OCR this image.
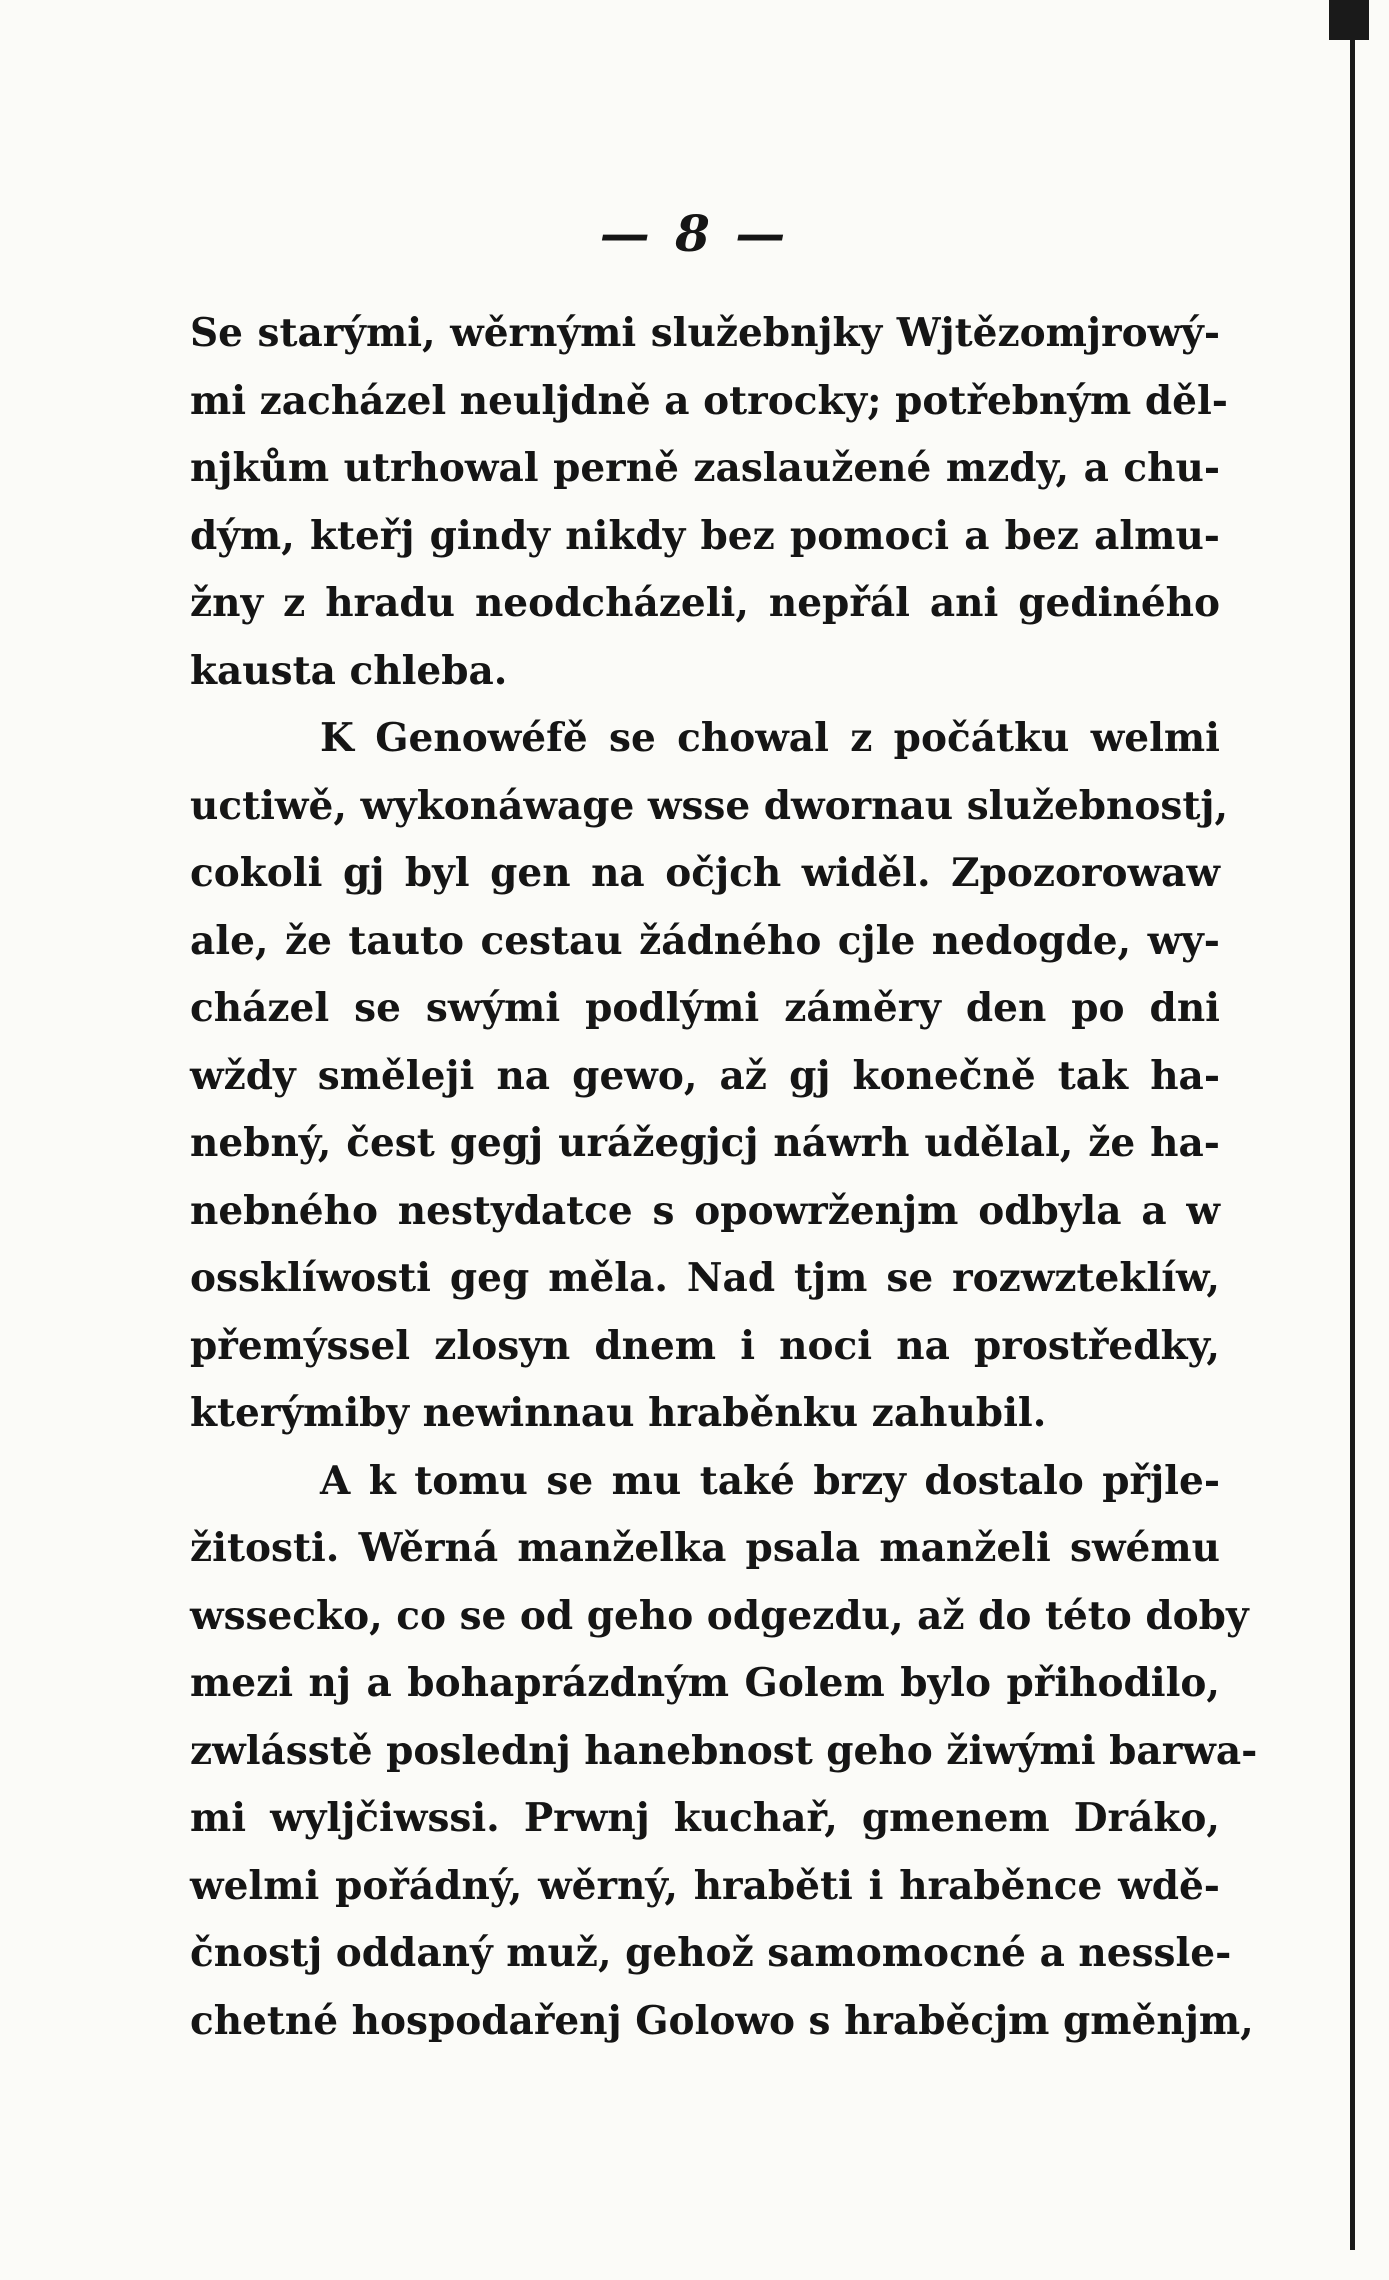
— 8 —
Se starými, wěrnými služebnjky Wjtězomjrowý-
mi zacházel neuljdně a otrocky; potřebným děl-
njkům utrhowal perně zaslaužené mzdy, a chu-
dým, kteřj gindy nikdy bez pomoci a bez almu-
žny z hradu neodcházeli, nepřál ani gediného
kausta chleba.
K Genowéfě se chowal z počátku welmi
uctiwě, wykonáwage wsse dwornau služebnostj,
cokoli gj byl gen na očjch widěl. Zpozorowaw
ale, že tauto cestau žádného cjle nedogde, wy-
cházel se swými podlými záměry den po dni
wždy směleji na gewo, až gj konečně tak ha-
nebný, čest gegj urážegjcj náwrh udělal, že ha-
nebného nestydatce s opowrženjm odbyla a w
ossklíwosti geg měla. Nad tjm se rozwzteklíw,
přemýssel zlosyn dnem i noci na prostředky,
kterýmiby newinnau hraběnku zahubil.
A k tomu se mu také brzy dostalo přjle-
žitosti. Wěrná manželka psala manželi swému
wssecko, co se od geho odgezdu, až do této doby
mezi nj a bohaprázdným Golem bylo přihodilo,
zwlásstě poslednj hanebnost geho žiwými barwa-
mi wyljčiwssi. Prwnj kuchař, gmenem Dráko,
welmi pořádný, wěrný, hraběti i hraběnce wdě-
čnostj oddaný muž, gehož samomocné a nessle-
chetné hospodařenj Golowo s hraběcjm gměnjm,
